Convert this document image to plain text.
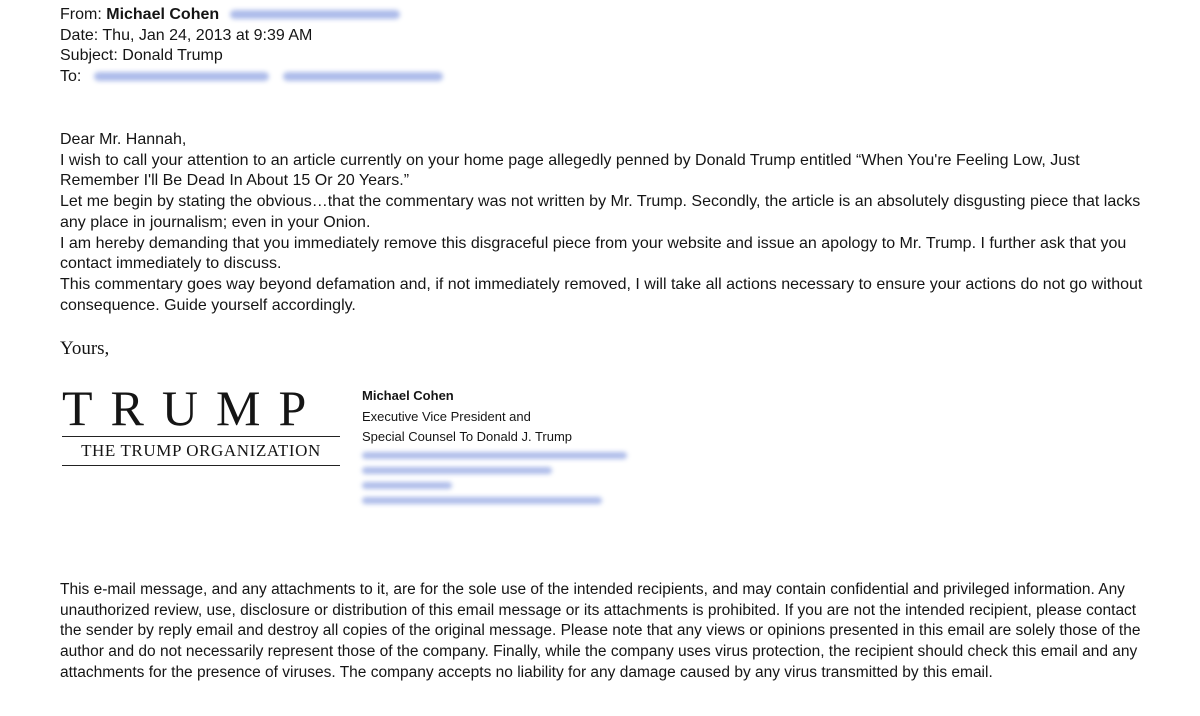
From: Michael Cohen
Date: Thu, Jan 24, 2013 at 9:39 AM
Subject: Donald Trump
To:

Dear Mr. Hannah,

I wish to call your attention to an article currently on your home page allegedly penned by Donald Trump entitled “When You're Feeling Low, Just Remember I'll Be Dead In About 15 Or 20 Years.”

Let me begin by stating the obvious…that the commentary was not written by Mr. Trump. Secondly, the article is an absolutely disgusting piece that lacks any place in journalism; even in your Onion.

I am hereby demanding that you immediately remove this disgraceful piece from your website and issue an apology to Mr. Trump. I further ask that you contact immediately to discuss.

This commentary goes way beyond defamation and, if not immediately removed, I will take all actions necessary to ensure your actions do not go without consequence. Guide yourself accordingly.

Yours,
TRUMP
THE TRUMP ORGANIZATION
Michael Cohen
Executive Vice President and
Special Counsel To Donald J. Trump
This e-mail message, and any attachments to it, are for the sole use of the intended recipients, and may contain confidential and privileged information. Any unauthorized review, use, disclosure or distribution of this email message or its attachments is prohibited. If you are not the intended recipient, please contact the sender by reply email and destroy all copies of the original message. Please note that any views or opinions presented in this email are solely those of the author and do not necessarily represent those of the company. Finally, while the company uses virus protection, the recipient should check this email and any attachments for the presence of viruses. The company accepts no liability for any damage caused by any virus transmitted by this email.
